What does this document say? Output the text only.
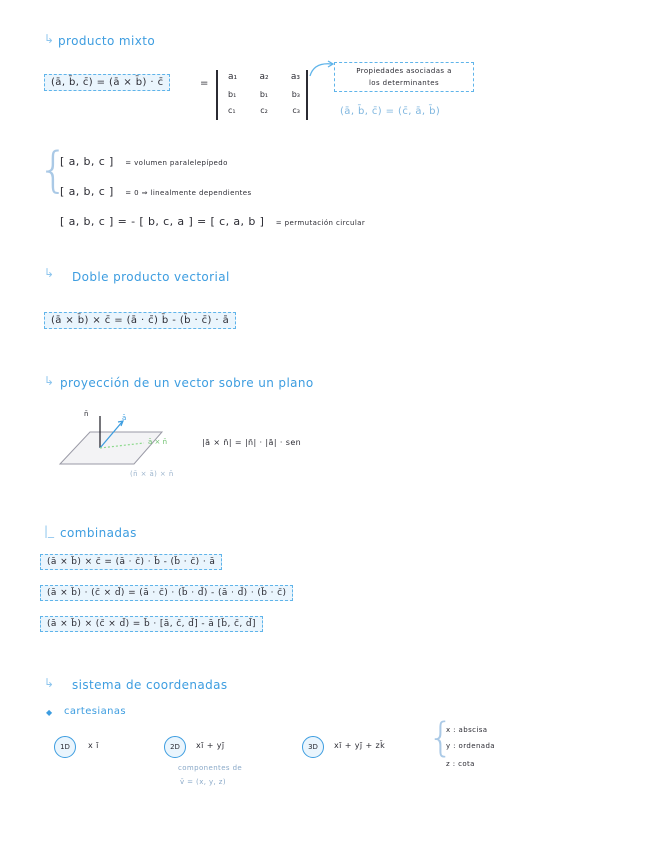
↳ producto mixto
(ā, b̄, c̄) = (ā × b̄) · c̄	=
a₁ a₂ a₃
b₁	b₁	b₃
c₁	c₂	c₃
Propiedades asociadas a
los determinantes
(ā, b̄, c̄) = (c̄, ā, b̄)
{
[ a, b, c ] = volumen paralelepípedo
[ a, b, c ] = 0 ⇒ linealmente dependientes
[ a, b, c ] = - [ b, c, a ] = [ c, a, b ] = permutación circular
↳ Doble producto vectorial
(ā × b̄) × c̄ = (ā · c̄) b̄ - (b̄ · c̄) · ā
↳ proyección de un vector sobre un plano
n̄	ā
ā × n̄	|ā × n̄| = |n̄| · |ā| · sen
(n̄ × ā) × n̄
|_ combinadas
(ā × b̄) × c̄ = (ā · c̄) · b̄ - (b̄ · c̄) · ā
(ā × b̄) · (c̄ × d̄) = (ā · c̄) · (b̄ · d̄) - (ā · d̄) · (b̄ · c̄)
(ā × b̄) × (c̄ × d̄) = b̄ · [ā, c̄, d̄] - ā [b̄, c̄, d̄]
↳ sistema de coordenadas
◆ cartesianas
1D	x ī	2D	xī + yj̄
componentes de
v̄ = (x, y, z)
3D	xī + yj̄ + zk̄ {
x : abscisa
y : ordenada
z : cota
